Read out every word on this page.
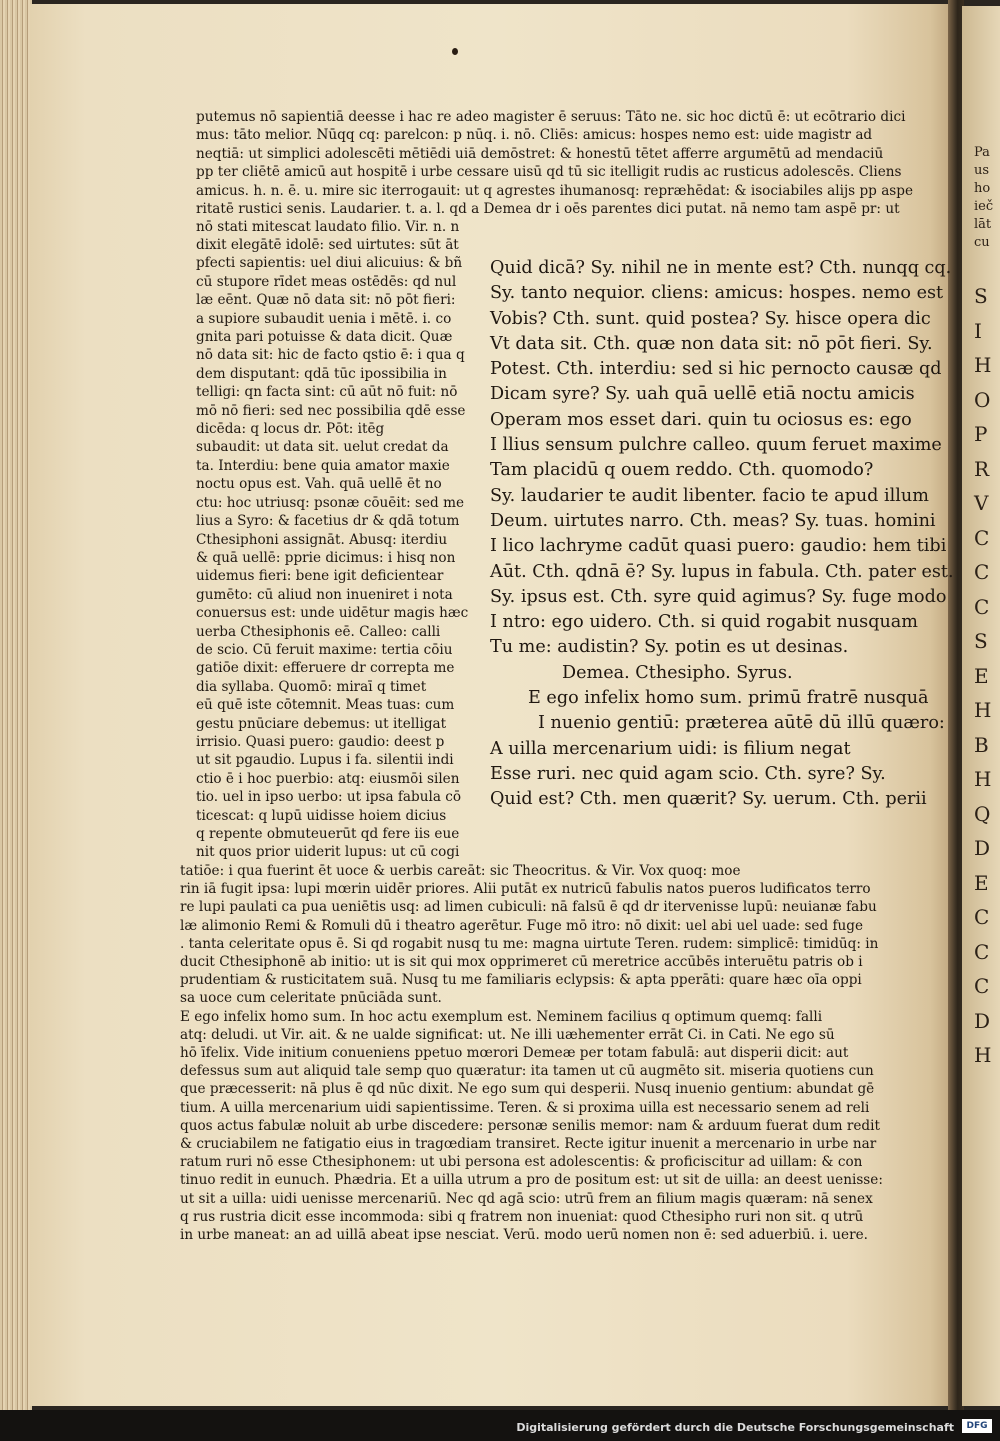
Pa
us
ho
ieč
lāt
cu
S
I
H
O
P
R
V
C
C
C
S
E
H
B
H
Q
D
E
C
C
C
D
H
putemus nō sapientiā deesse i hac re adeo magister ē seruus: Tāto ne. sic hoc dictū ē: ut ecōtrario dici
mus: tāto melior. Nūqq cq: parelcon: p nūq. i. nō. Cliēs: amicus: hospes nemo est: uide magistr ad
neqtiā: ut simplici adolescēti mētiēdi uiā demōstret: & honestū tētet afferre argumētū ad mendaciū
pp ter cliētē amicū aut hospitē i urbe cessare uisū qd tū sic itelligit rudis ac rusticus adolescēs. Cliens
amicus. h. n. ē. u. mire sic iterrogauit: ut q agrestes ihumanosq: repræhēdat: & isociabiles alijs pp aspe
ritatē rustici senis. Laudarier. t. a. l. qd a Demea dr i oēs parentes dici putat. nā nemo tam aspē pr: ut
nō stati mitescat laudato filio. Vir. n. n
dixit elegātē idolē: sed uirtutes: sūt āt
pfecti sapientis: uel diui alicuius: & bñ
cū stupore rīdet meas ostēdēs: qd nul
læ eēnt. Quæ nō data sit: nō pōt fieri:
a supiore subaudit uenia i mētē. i. co
gnita pari potuisse & data dicit. Quæ
nō data sit: hic de facto qstio ē: i qua q
dem disputant: qdā tūc ipossibilia in
telligi: qn facta sint: cū aūt nō fuit: nō
mō nō fieri: sed nec possibilia qdē esse
dicēda: q locus dr. Pōt: itēg
subaudit: ut data sit. uelut credat da
ta. Interdiu: bene quia amator maxie
noctu opus est. Vah. quā uellē ēt no
ctu: hoc utriusq: psonæ cōuēit: sed me
lius a Syro: & facetius dr & qdā totum
Cthesiphoni assignāt. Abusq: iterdiu
& quā uellē: pprie dicimus: i hisq non
uidemus fieri: bene igit deficientear
gumēto: cū aliud non inueniret i nota
conuersus est: unde uidētur magis hæc
uerba Cthesiphonis eē. Calleo: calli
de scio. Cū feruit maxime: tertia cōiu
gatiōe dixit: efferuere dr correpta me
dia syllaba. Quomō: miraī q timet
eū quē iste cōtemnit. Meas tuas: cum
gestu pnūciare debemus: ut itelligat
irrisio. Quasi puero: gaudio: deest p
ut sit pgaudio. Lupus i fa. silentii indi
ctio ē i hoc puerbio: atq: eiusmōi silen
tio. uel in ipso uerbo: ut ipsa fabula cō
ticescat: q lupū uidisse hoiem dicius
q repente obmuteuerūt qd fere iis eue
nit quos prior uiderit lupus: ut cū cogi
Quid dicā? Sy. nihil ne in mente est? Cth. nunqq cq.
Sy. tanto nequior. cliens: amicus: hospes. nemo est
Vobis? Cth. sunt. quid postea? Sy. hisce opera dic
Vt data sit. Cth. quæ non data sit: nō pōt fieri. Sy.
Potest. Cth. interdiu: sed si hic pernocto causæ qd
Dicam syre? Sy. uah quā uellē etiā noctu amicis
Operam mos esset dari. quin tu ociosus es: ego
I llius sensum pulchre calleo. quum feruet maxime
Tam placidū q ouem reddo. Cth. quomodo?
Sy. laudarier te audit libenter. facio te apud illum
Deum. uirtutes narro. Cth. meas? Sy. tuas. homini
I lico lachryme cadūt quasi puero: gaudio: hem tibi
Aūt. Cth. qdnā ē? Sy. lupus in fabula. Cth. pater est.
Sy. ipsus est. Cth. syre quid agimus? Sy. fuge modo
I ntro: ego uidero. Cth. si quid rogabit nusquam
Tu me: audistin? Sy. potin es ut desinas.
Demea. Cthesipho. Syrus.
E ego infelix homo sum. primū fratrē nusquā
I nuenio gentiū: præterea aūtē dū illū quæro:
A uilla mercenarium uidi: is filium negat
Esse ruri. nec quid agam scio. Cth. syre? Sy.
Quid est? Cth. men quærit? Sy. uerum. Cth. perii
tatiōe: i qua fuerint ēt uoce & uerbis careāt: sic Theocritus. & Vir. Vox quoq: moe
rin iā fugit ipsa: lupi mœrin uidēr priores. Alii putāt ex nutricū fabulis natos pueros ludificatos terro
re lupi paulati ca pua ueniētis usq: ad limen cubiculi: nā falsū ē qd dr itervenisse lupū: neuianæ fabu
læ alimonio Remi & Romuli dū i theatro agerētur. Fuge mō itro: nō dixit: uel abi uel uade: sed fuge
. tanta celeritate opus ē. Si qd rogabit nusq tu me: magna uirtute Teren. rudem: simplicē: timidūq: in
ducit Cthesiphonē ab initio: ut is sit qui mox opprimeret cū meretrice accūbēs interuētu patris ob i
prudentiam & rusticitatem suā. Nusq tu me familiaris eclypsis: & apta pperāti: quare hæc oīa oppi
sa uoce cum celeritate pnūciāda sunt.
E ego infelix homo sum. In hoc actu exemplum est. Neminem facilius q optimum quemq: falli
atq: deludi. ut Vir. ait. & ne ualde significat: ut. Ne illi uæhementer errāt Ci. in Cati. Ne ego sū
hō īfelix. Vide initium conueniens ppetuo mœrori Demeæ per totam fabulā: aut disperii dicit: aut
defessus sum aut aliquid tale semp quo quæratur: ita tamen ut cū augmēto sit. miseria quotiens cun
que præcesserit: nā plus ē qd nūc dixit. Ne ego sum qui desperii. Nusq inuenio gentium: abundat gē
tium. A uilla mercenarium uidi sapientissime. Teren. & si proxima uilla est necessario senem ad reli
quos actus fabulæ noluit ab urbe discedere: personæ senilis memor: nam & arduum fuerat dum redit
& cruciabilem ne fatigatio eius in tragœdiam transiret. Recte igitur inuenit a mercenario in urbe nar
ratum ruri nō esse Cthesiphonem: ut ubi persona est adolescentis: & proficiscitur ad uillam: & con
tinuo redit in eunuch. Phædria. Et a uilla utrum a pro de positum est: ut sit de uilla: an deest uenisse:
ut sit a uilla: uidi uenisse mercenariū. Nec qd agā scio: utrū frem an filium magis quæram: nā senex
q rus rustria dicit esse incommoda: sibi q fratrem non inueniat: quod Cthesipho ruri non sit. q utrū
in urbe maneat: an ad uillā abeat ipse nesciat. Verū. modo uerū nomen non ē: sed aduerbiū. i. uere.
Digitalisierung gefördert durch die Deutsche Forschungsgemeinschaft	DFG
